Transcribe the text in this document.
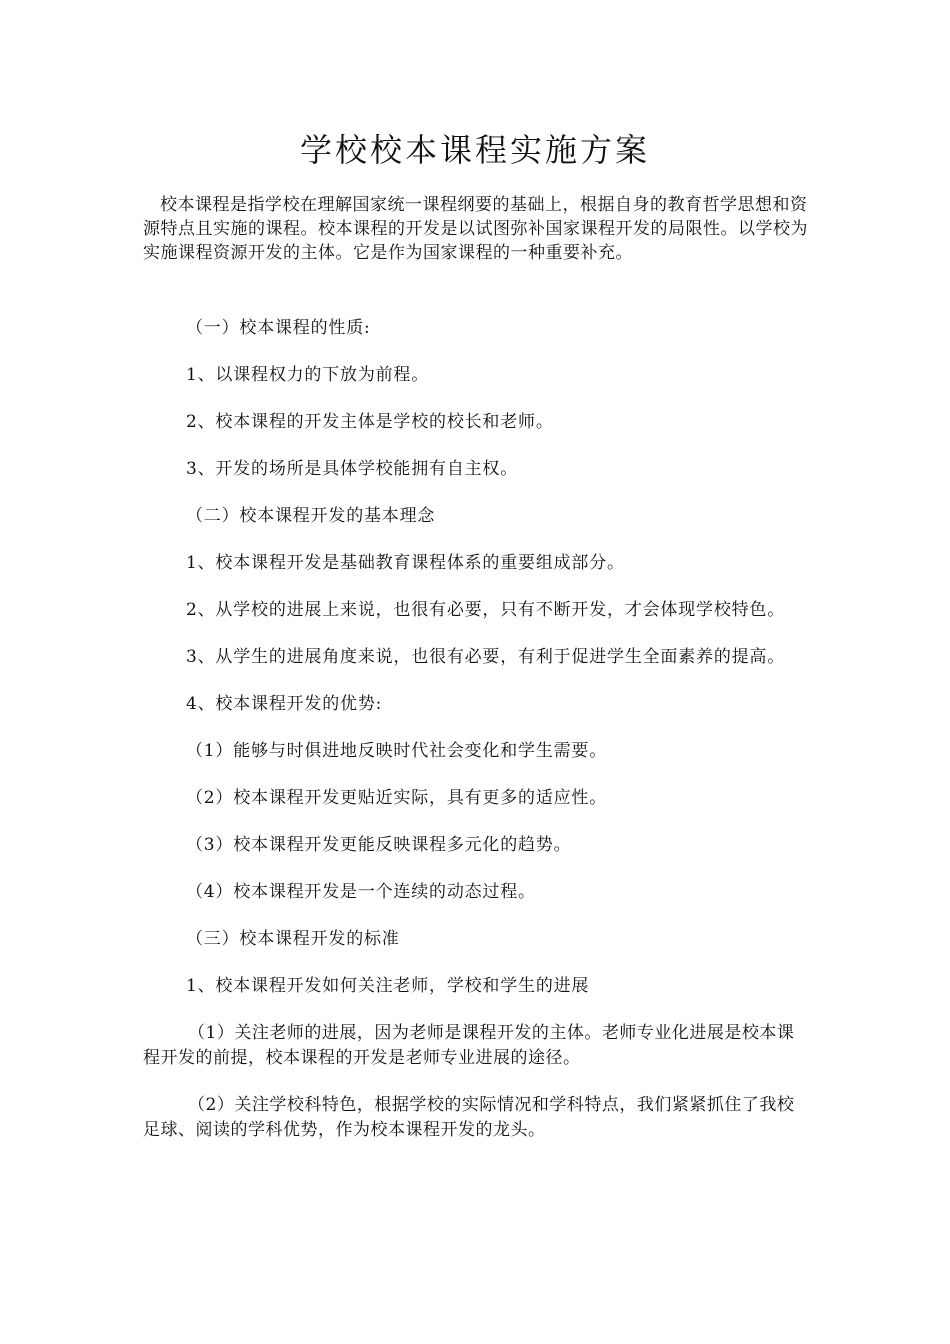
学校校本课程实施方案
校本课程是指学校在理解国家统一课程纲要的基础上，根据自身的教育哲学思想和资源特点且实施的课程。校本课程的开发是以试图弥补国家课程开发的局限性。以学校为实施课程资源开发的主体。它是作为国家课程的一种重要补充。
（一）校本课程的性质:
1、以课程权力的下放为前程。
2、校本课程的开发主体是学校的校长和老师。
3、开发的场所是具体学校能拥有自主权。
（二）校本课程开发的基本理念
1、校本课程开发是基础教育课程体系的重要组成部分。
2、从学校的进展上来说，也很有必要，只有不断开发，才会体现学校特色。
3、从学生的进展角度来说，也很有必要，有利于促进学生全面素养的提高。
4、校本课程开发的优势:
（1）能够与时俱进地反映时代社会变化和学生需要。
（2）校本课程开发更贴近实际，具有更多的适应性。
（3）校本课程开发更能反映课程多元化的趋势。
（4）校本课程开发是一个连续的动态过程。
（三）校本课程开发的标准
1、校本课程开发如何关注老师，学校和学生的进展
（1）关注老师的进展，因为老师是课程开发的主体。老师专业化进展是校本课程开发的前提，校本课程的开发是老师专业进展的途径。
（2）关注学校科特色，根据学校的实际情况和学科特点，我们紧紧抓住了我校足球、阅读的学科优势，作为校本课程开发的龙头。
